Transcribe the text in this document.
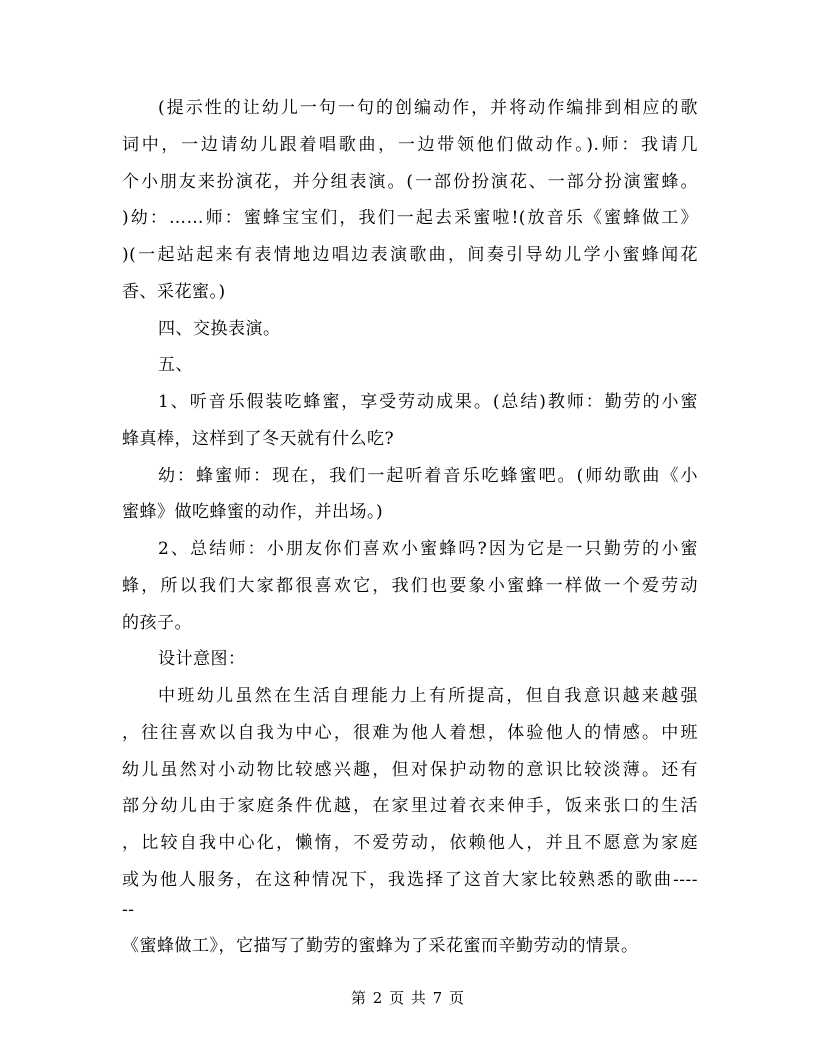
(提示性的让幼儿一句一句的创编动作，并将动作编排到相应的歌
词中，一边请幼儿跟着唱歌曲，一边带领他们做动作。).师：我请几
个小朋友来扮演花，并分组表演。(一部份扮演花、一部分扮演蜜蜂。
)幼：……师：蜜蜂宝宝们，我们一起去采蜜啦!(放音乐《蜜蜂做工》
)(一起站起来有表情地边唱边表演歌曲，间奏引导幼儿学小蜜蜂闻花
香、采花蜜。)
四、交换表演。
五、
1、听音乐假装吃蜂蜜，享受劳动成果。(总结)教师：勤劳的小蜜
蜂真棒，这样到了冬天就有什么吃?
幼：蜂蜜师：现在，我们一起听着音乐吃蜂蜜吧。(师幼歌曲《小
蜜蜂》做吃蜂蜜的动作，并出场。)
2、总结师：小朋友你们喜欢小蜜蜂吗?因为它是一只勤劳的小蜜
蜂，所以我们大家都很喜欢它，我们也要象小蜜蜂一样做一个爱劳动
的孩子。
设计意图：
中班幼儿虽然在生活自理能力上有所提高，但自我意识越来越强
，往往喜欢以自我为中心，很难为他人着想，体验他人的情感。中班
幼儿虽然对小动物比较感兴趣，但对保护动物的意识比较淡薄。还有
部分幼儿由于家庭条件优越，在家里过着衣来伸手，饭来张口的生活
，比较自我中心化，懒惰，不爱劳动，依赖他人，并且不愿意为家庭
或为他人服务，在这种情况下，我选择了这首大家比较熟悉的歌曲----
--
《蜜蜂做工》，它描写了勤劳的蜜蜂为了采花蜜而辛勤劳动的情景。
第 2 页 共 7 页
